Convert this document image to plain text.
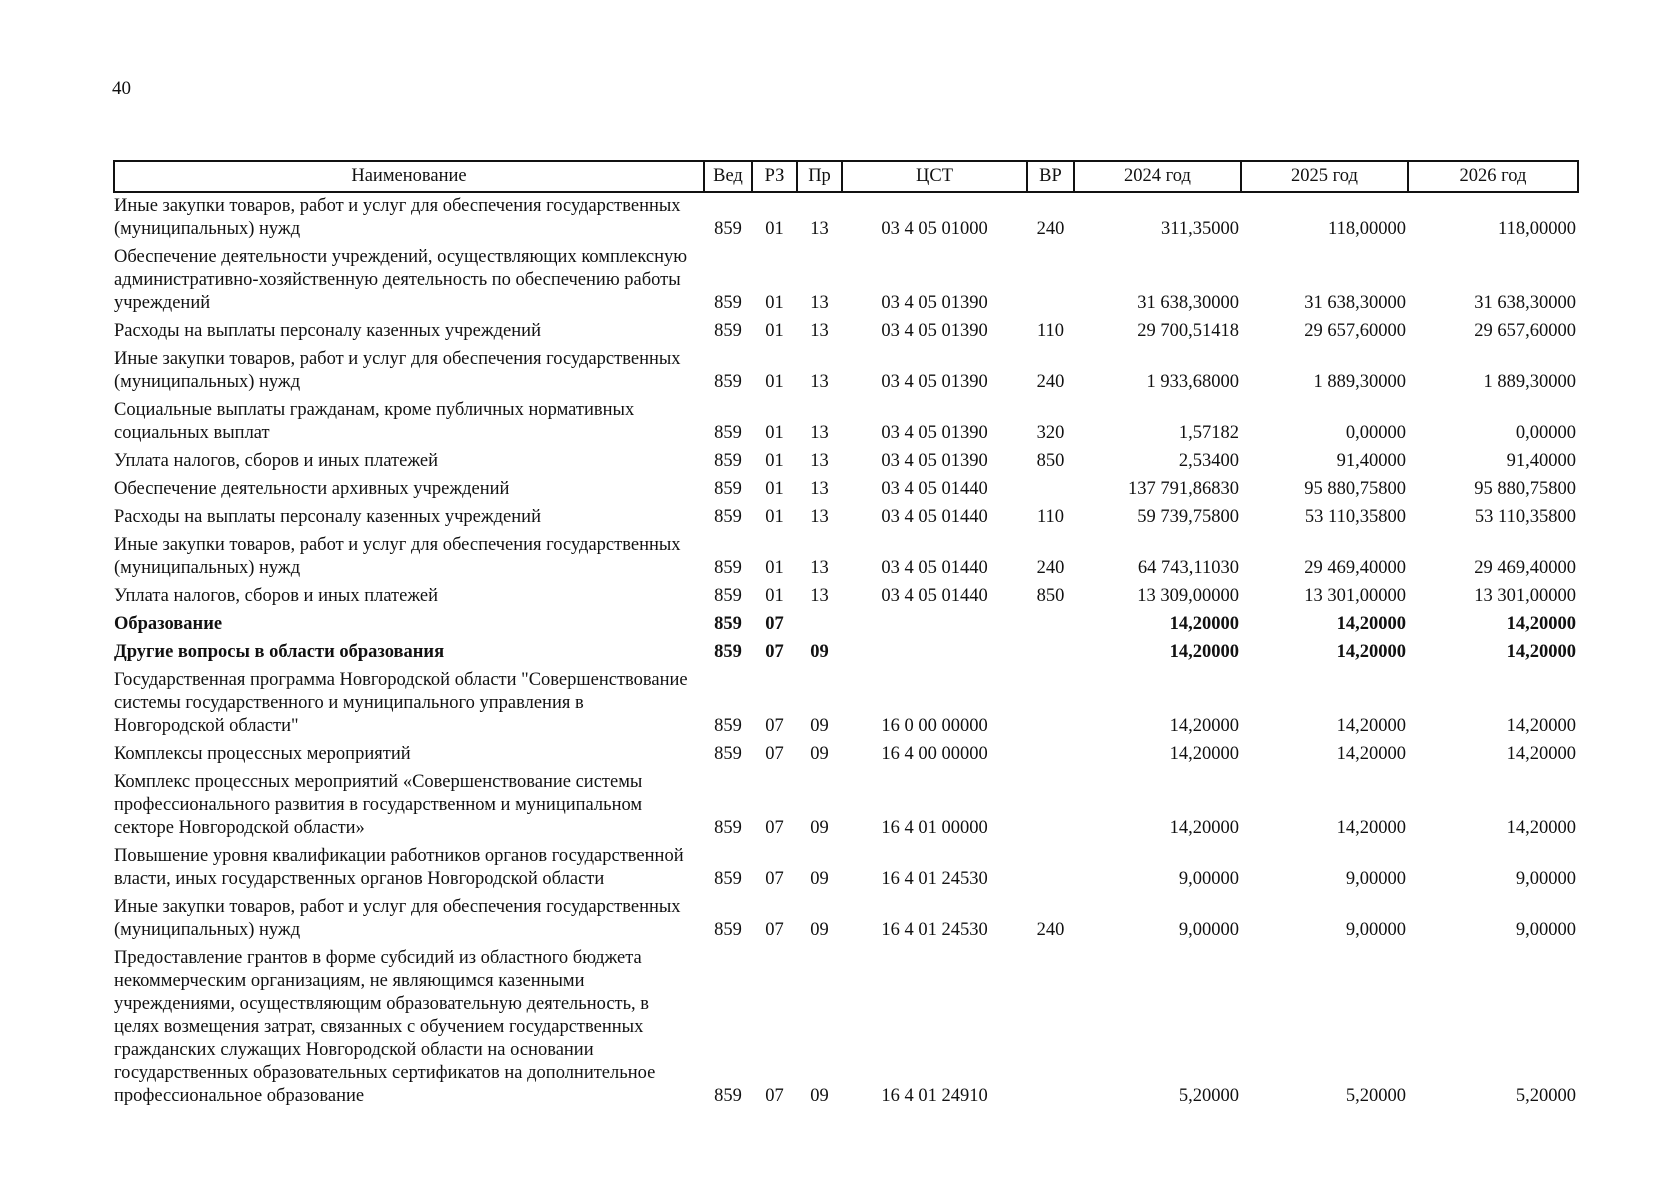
40
Наименование	Вед	РЗ	Пр	ЦСТ	ВР	2024 год	2025 год	2026 год
Иные закупки товаров, работ и услуг для обеспечения государственных (муниципальных) нужд	859	01	13	03 4 05 01000	240	311,35000	118,00000	118,00000
Обеспечение деятельности учреждений, осуществляющих комплексную административно-хозяйственную деятельность по обеспечению работы учреждений	859	01	13	03 4 05 01390		31 638,30000	31 638,30000	31 638,30000
Расходы на выплаты персоналу казенных учреждений	859	01	13	03 4 05 01390	110	29 700,51418	29 657,60000	29 657,60000
Иные закупки товаров, работ и услуг для обеспечения государственных (муниципальных) нужд	859	01	13	03 4 05 01390	240	1 933,68000	1 889,30000	1 889,30000
Социальные выплаты гражданам, кроме публичных нормативных социальных выплат	859	01	13	03 4 05 01390	320	1,57182	0,00000	0,00000
Уплата налогов, сборов и иных платежей	859	01	13	03 4 05 01390	850	2,53400	91,40000	91,40000
Обеспечение деятельности архивных учреждений	859	01	13	03 4 05 01440		137 791,86830	95 880,75800	95 880,75800
Расходы на выплаты персоналу казенных учреждений	859	01	13	03 4 05 01440	110	59 739,75800	53 110,35800	53 110,35800
Иные закупки товаров, работ и услуг для обеспечения государственных (муниципальных) нужд	859	01	13	03 4 05 01440	240	64 743,11030	29 469,40000	29 469,40000
Уплата налогов, сборов и иных платежей	859	01	13	03 4 05 01440	850	13 309,00000	13 301,00000	13 301,00000
Образование	859	07				14,20000	14,20000	14,20000
Другие вопросы в области образования	859	07	09			14,20000	14,20000	14,20000
Государственная программа Новгородской области "Совершенствование системы государственного и муниципального управления в Новгородской области"	859	07	09	16 0 00 00000		14,20000	14,20000	14,20000
Комплексы процессных мероприятий	859	07	09	16 4 00 00000		14,20000	14,20000	14,20000
Комплекс процессных мероприятий «Совершенствование системы профессионального развития в государственном и муниципальном секторе Новгородской области»	859	07	09	16 4 01 00000		14,20000	14,20000	14,20000
Повышение уровня квалификации работников органов государственной власти, иных государственных органов Новгородской области	859	07	09	16 4 01 24530		9,00000	9,00000	9,00000
Иные закупки товаров, работ и услуг для обеспечения государственных (муниципальных) нужд	859	07	09	16 4 01 24530	240	9,00000	9,00000	9,00000
Предоставление грантов в форме субсидий из областного бюджета некоммерческим организациям, не являющимся казенными учреждениями, осуществляющим образовательную деятельность, в целях возмещения затрат, связанных с обучением государственных гражданских служащих Новгородской области на основании государственных образовательных сертификатов на дополнительное профессиональное образование	859	07	09	16 4 01 24910		5,20000	5,20000	5,20000
